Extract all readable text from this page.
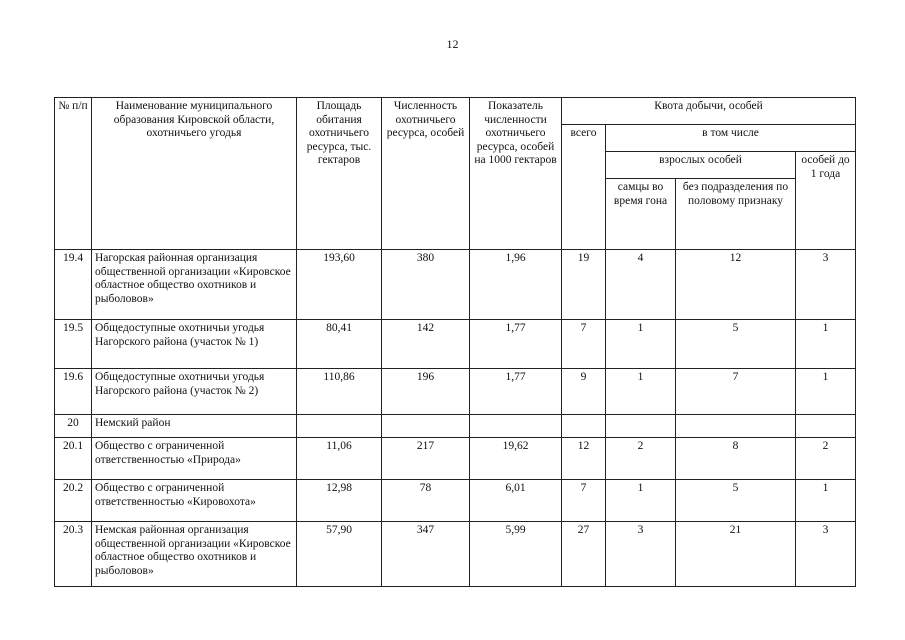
12
№ п/п	Наименование муниципального образования Кировской области, охотничьего угодья	Площадь обитания охотничьего ресурса, тыс. гектаров	Численность охотничьего ресурса, особей	Показатель численности охотничьего ресурса, особей на 1000 гектаров	Квота добычи, особей			
					всего	в том числе		
						взрослых особей		особей до 1 года
						самцы во время гона	без подразделения по половому признаку	
19.4	Нагорская районная организация общественной организации «Кировское областное общество охотников и рыболовов»	193,60	380	1,96	19	4	12	3
19.5	Общедоступные охотничьи угодья Нагорского района (участок № 1)	80,41	142	1,77	7	1	5	1
19.6	Общедоступные охотничьи угодья Нагорского района (участок № 2)	110,86	196	1,77	9	1	7	1
20	Немский район							
20.1	Общество с ограниченной ответственностью «Природа»	11,06	217	19,62	12	2	8	2
20.2	Общество с ограниченной ответственностью «Кировохота»	12,98	78	6,01	7	1	5	1
20.3	Немская районная организация общественной организации «Кировское областное общество охотников и рыболовов»	57,90	347	5,99	27	3	21	3
